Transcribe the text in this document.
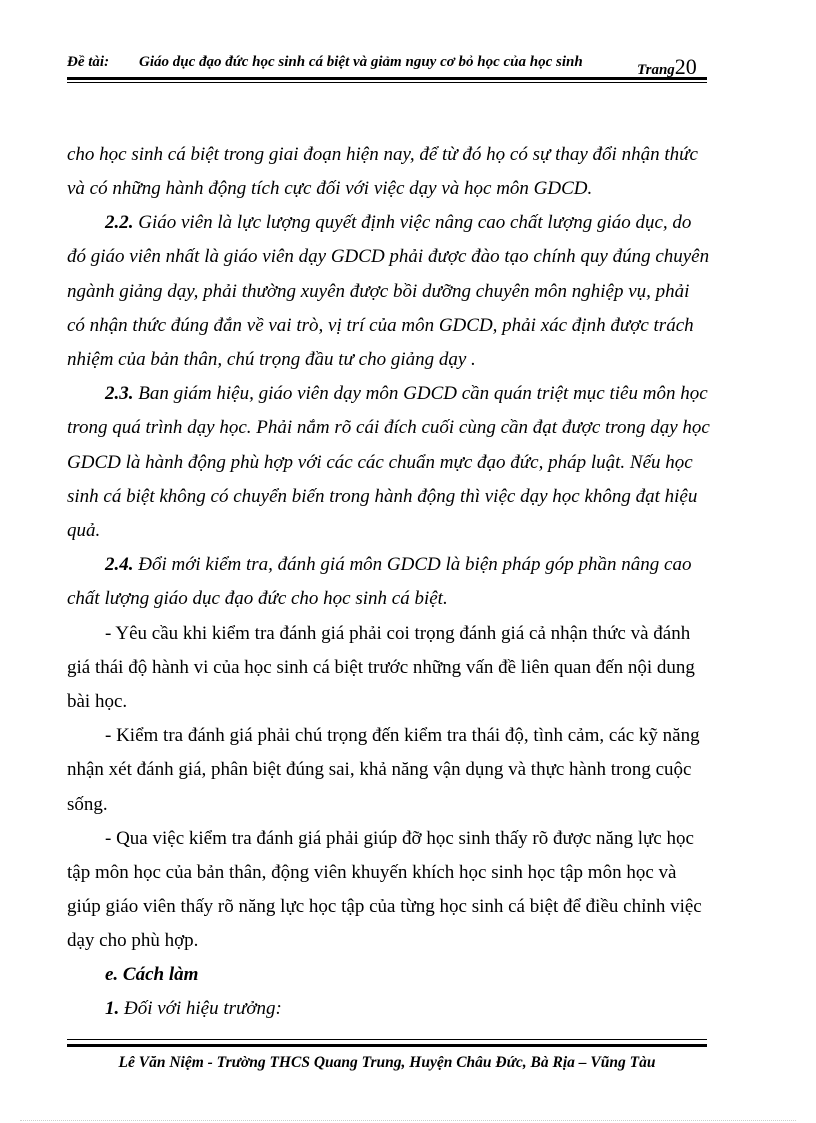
Đề tài: Giáo dục đạo đức học sinh cá biệt và giảm nguy cơ bỏ học của học sinh	Trang20
cho học sinh cá biệt trong giai đoạn hiện nay, để từ đó họ có sự thay đổi nhận thức
và có những hành động tích cực đối với việc dạy và học môn GDCD.
2.2. Giáo viên là lực lượng quyết định việc nâng cao chất lượng giáo dục, do
đó giáo viên nhất là giáo viên dạy GDCD phải được đào tạo chính quy đúng chuyên
ngành giảng dạy, phải thường xuyên được bồi dưỡng chuyên môn nghiệp vụ, phải
có nhận thức đúng đắn về vai trò, vị trí của môn GDCD, phải xác định được trách
nhiệm của bản thân, chú trọng đầu tư cho giảng dạy .
2.3. Ban giám hiệu, giáo viên dạy môn GDCD cần quán triệt mục tiêu môn học
trong quá trình dạy học. Phải nắm rõ cái đích cuối cùng cần đạt được trong dạy học
GDCD là hành động phù hợp với các các chuẩn mực đạo đức, pháp luật. Nếu học
sinh cá biệt không có chuyển biến trong hành động thì việc dạy học không đạt hiệu
quả.
2.4. Đổi mới kiểm tra, đánh giá môn GDCD là biện pháp góp phần nâng cao
chất lượng giáo dục đạo đức cho học sinh cá biệt.
- Yêu cầu khi kiểm tra đánh giá phải coi trọng đánh giá cả nhận thức và đánh
giá thái độ hành vi của học sinh cá biệt trước những vấn đề liên quan đến nội dung
bài học.
- Kiểm tra đánh giá phải chú trọng đến kiểm tra thái độ, tình cảm, các kỹ năng
nhận xét đánh giá, phân biệt đúng sai, khả năng vận dụng và thực hành trong cuộc
sống.
- Qua việc kiểm tra đánh giá phải giúp đỡ học sinh thấy rõ được năng lực học
tập môn học của bản thân, động viên khuyến khích học sinh học tập môn học và
giúp giáo viên thấy rõ năng lực học tập của từng học sinh cá biệt để điều chỉnh việc
dạy cho phù hợp.
e. Cách làm
1. Đối với hiệu trưởng:
Lê Văn Niệm - Trường THCS Quang Trung, Huyện Châu Đức, Bà Rịa – Vũng Tàu
